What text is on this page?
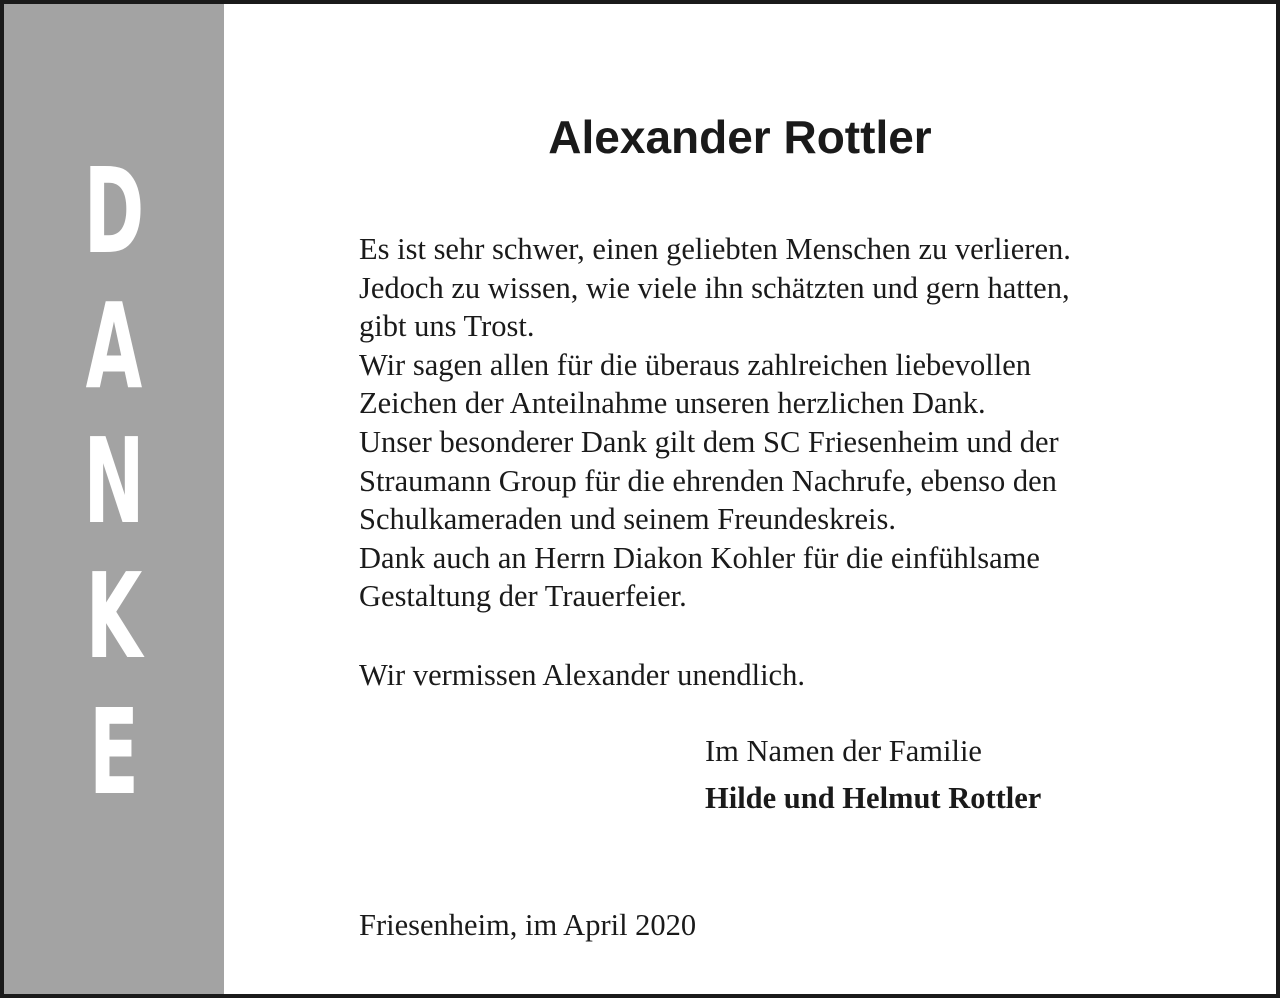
D
A
N
K
E
Alexander Rottler
Es ist sehr schwer, einen geliebten Menschen zu verlieren.
Jedoch zu wissen, wie viele ihn schätzten und gern hatten,
gibt uns Trost.
Wir sagen allen für die überaus zahlreichen liebevollen
Zeichen der Anteilnahme unseren herzlichen Dank.
Unser besonderer Dank gilt dem SC Friesenheim und der
Straumann Group für die ehrenden Nachrufe, ebenso den
Schulkameraden und seinem Freundeskreis.
Dank auch an Herrn Diakon Kohler für die einfühlsame
Gestaltung der Trauerfeier.
Wir vermissen Alexander unendlich.
Im Namen der Familie
Hilde und Helmut Rottler
Friesenheim, im April 2020
